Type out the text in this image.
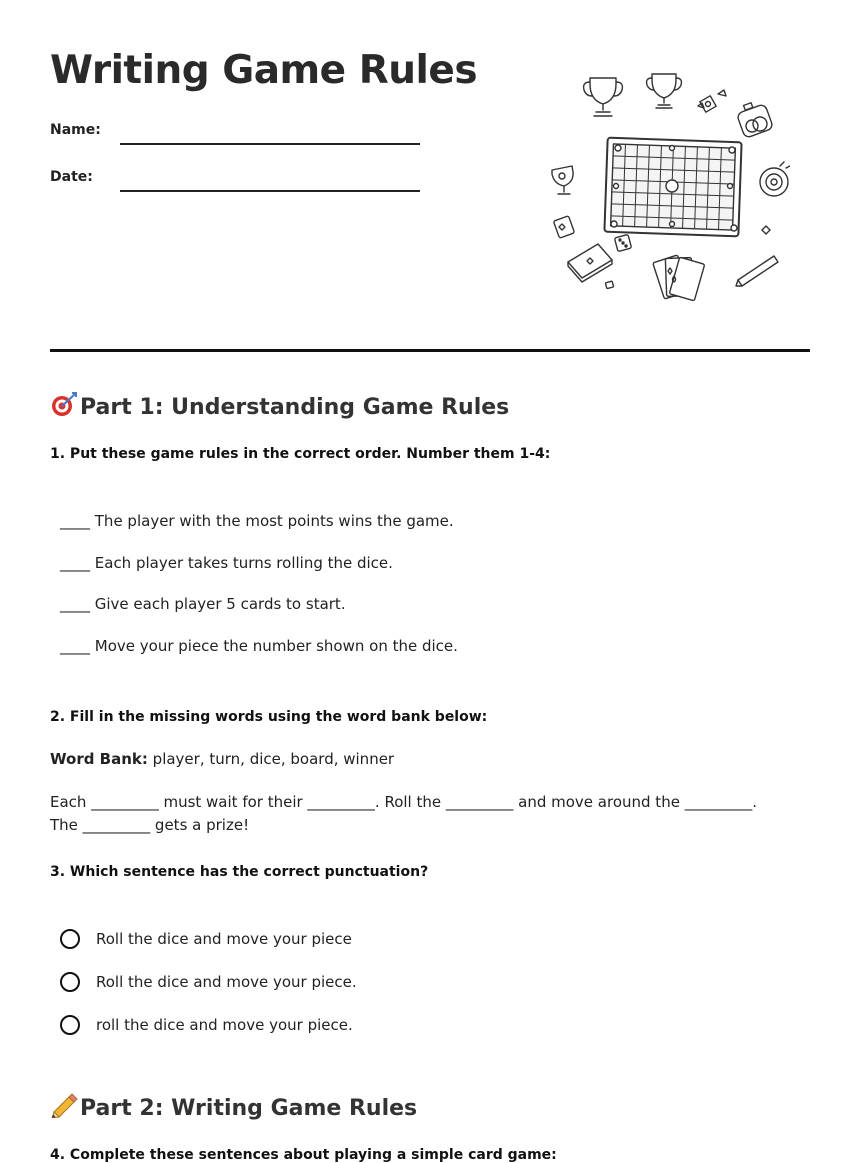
Writing Game Rules
Name:
Date:
Part 1: Understanding Game Rules
1. Put these game rules in the correct order. Number them 1-4:
____ The player with the most points wins the game.
____ Each player takes turns rolling the dice.
____ Give each player 5 cards to start.
____ Move your piece the number shown on the dice.
2. Fill in the missing words using the word bank below:
Word Bank: player, turn, dice, board, winner
Each _________ must wait for their _________. Roll the _________ and move around the _________. The _________ gets a prize!
3. Which sentence has the correct punctuation?
Roll the dice and move your piece
Roll the dice and move your piece.
roll the dice and move your piece.
Part 2: Writing Game Rules
4. Complete these sentences about playing a simple card game:
